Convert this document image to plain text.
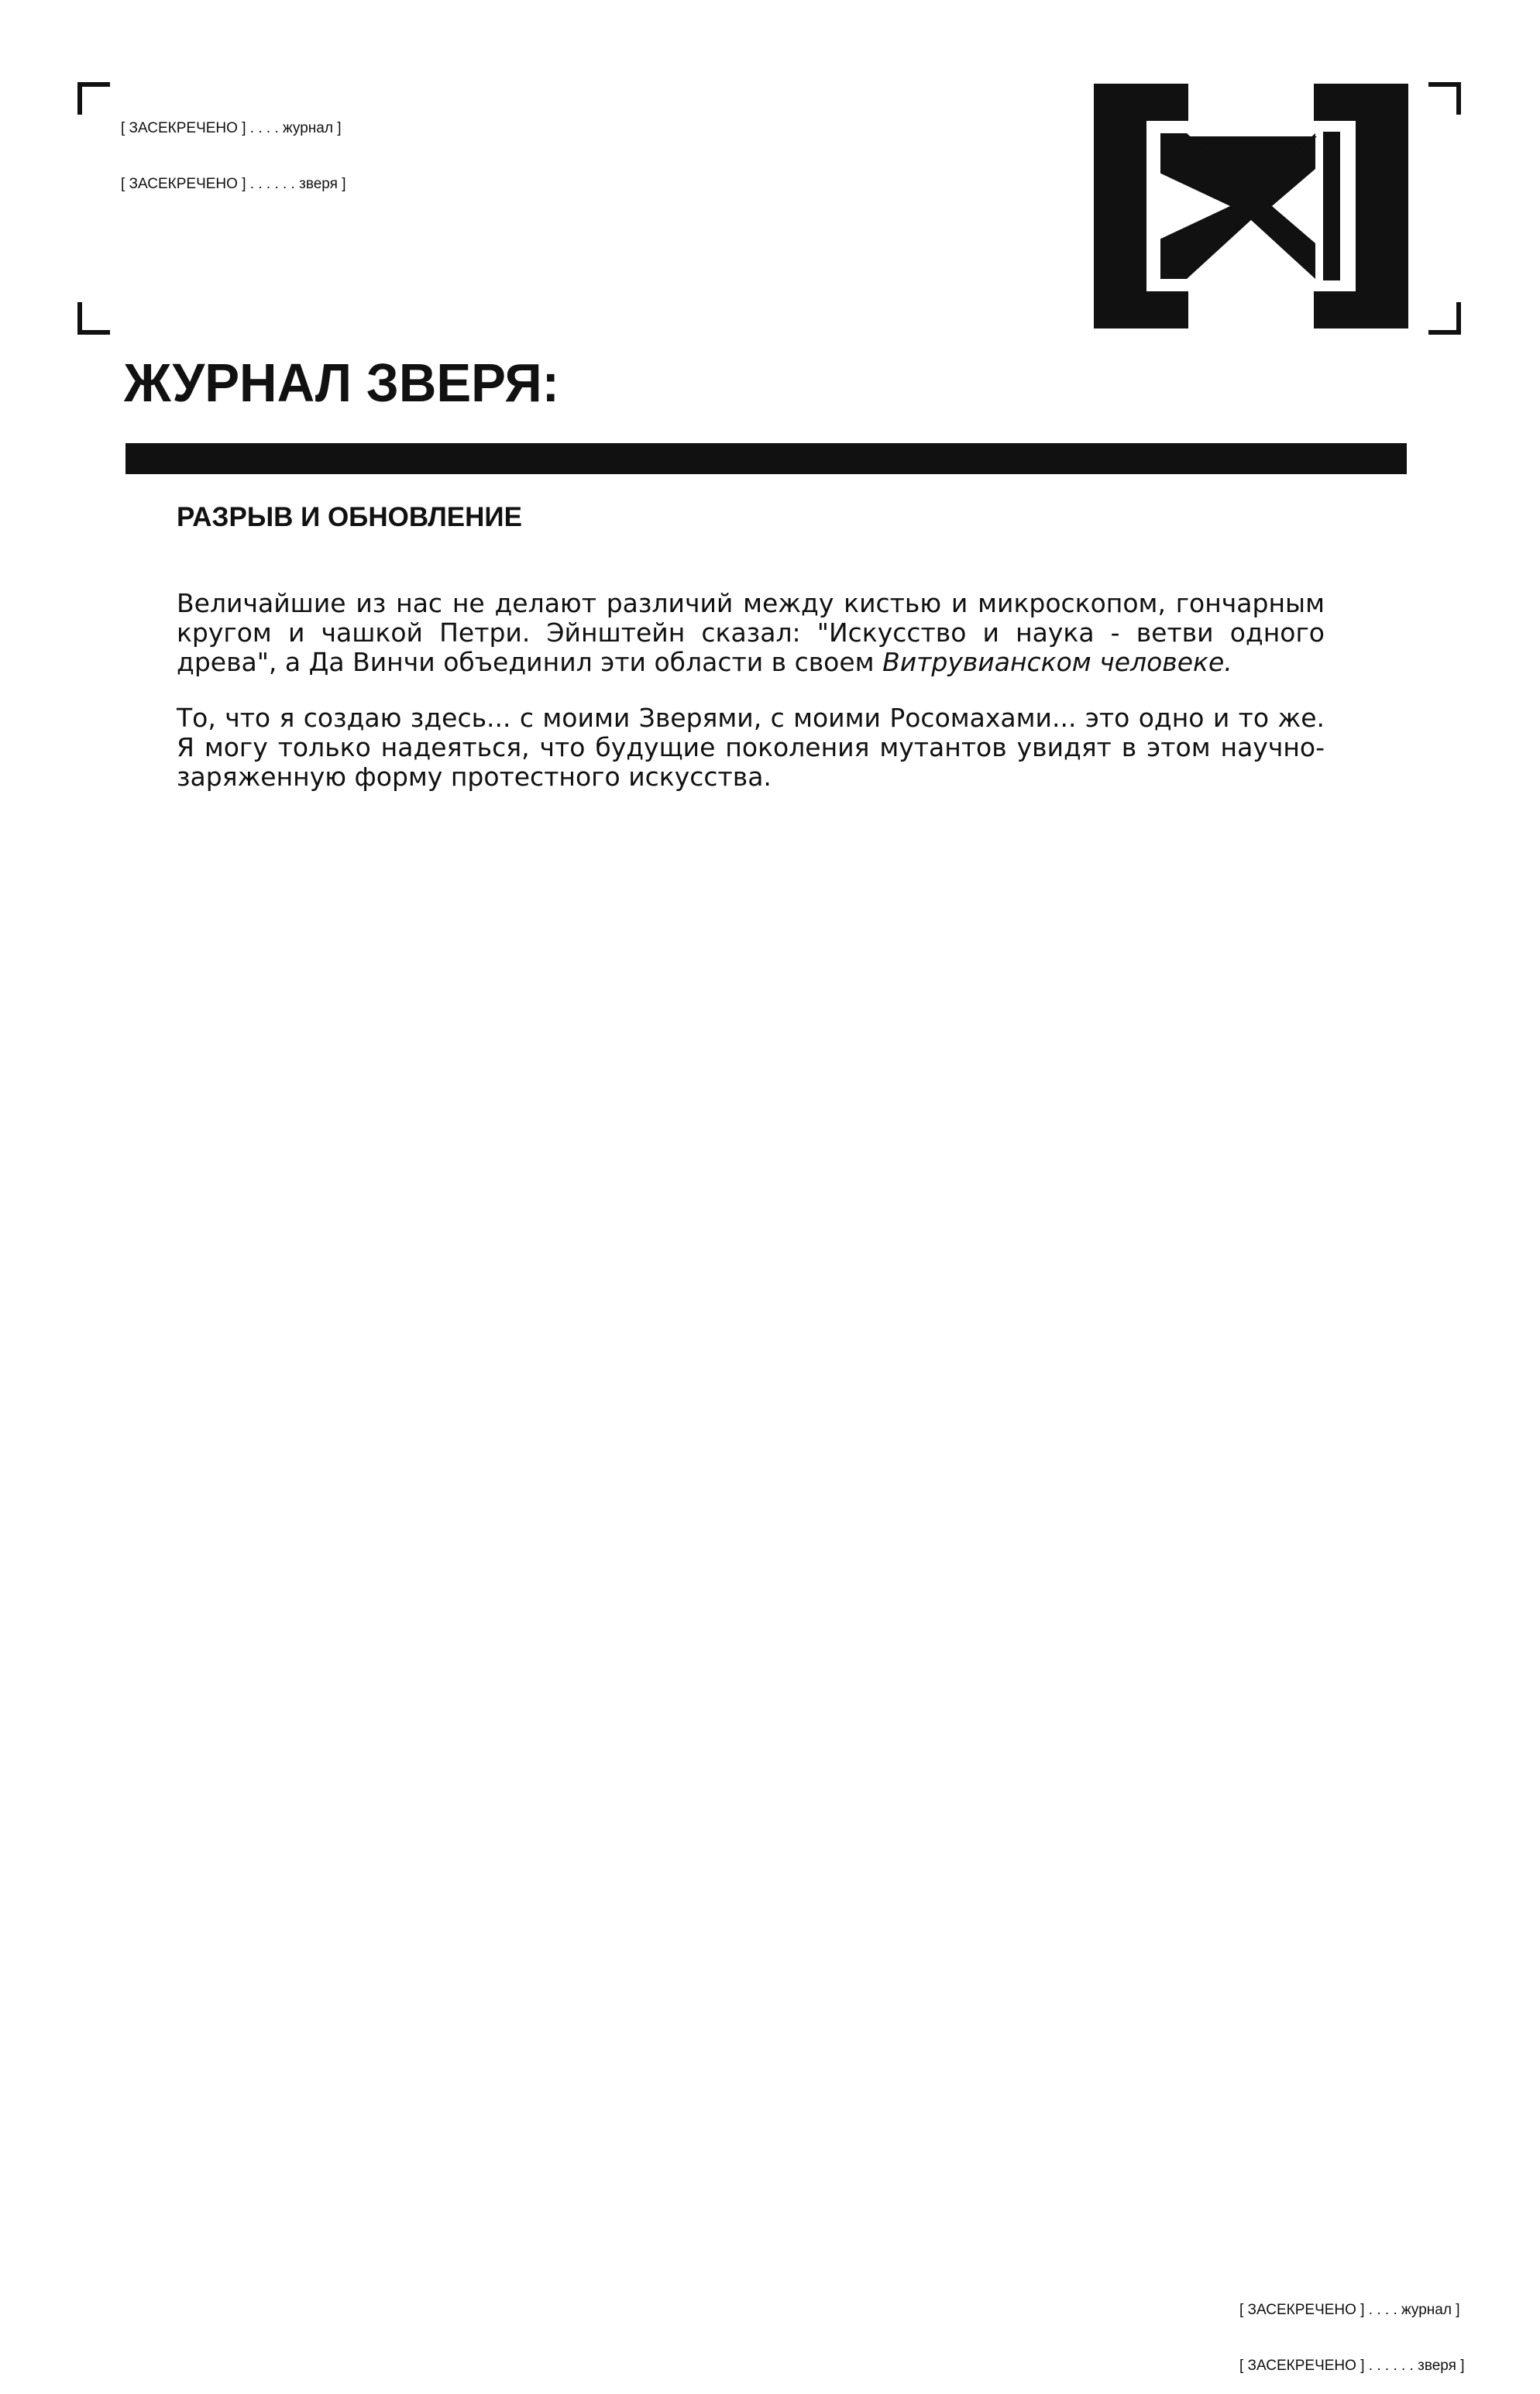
[ ЗАСЕКРЕЧЕНО ] . . . . журнал ]

[ ЗАСЕКРЕЧЕНО ] . . . . . . зверя ]

ЖУРНАЛ ЗВЕРЯ:
РАЗРЫВ И ОБНОВЛЕНИЕ

Величайшие из нас не делают различий между кистью и микроскопом, гончарным кругом и чашкой Петри. Эйнштейн сказал: "Искусство и наука - ветви одного древа", а Да Винчи объединил эти области в своем Витрувианском человеке.

То, что я создаю здесь... с моими Зверями, с моими Росомахами... это одно и то же. Я могу только надеяться, что будущие поколения мутантов увидят в этом научно-заряженную форму протестного искусства.

[ ЗАСЕКРЕЧЕНО ] . . . . журнал ]

[ ЗАСЕКРЕЧЕНО ] . . . . . . зверя ]
